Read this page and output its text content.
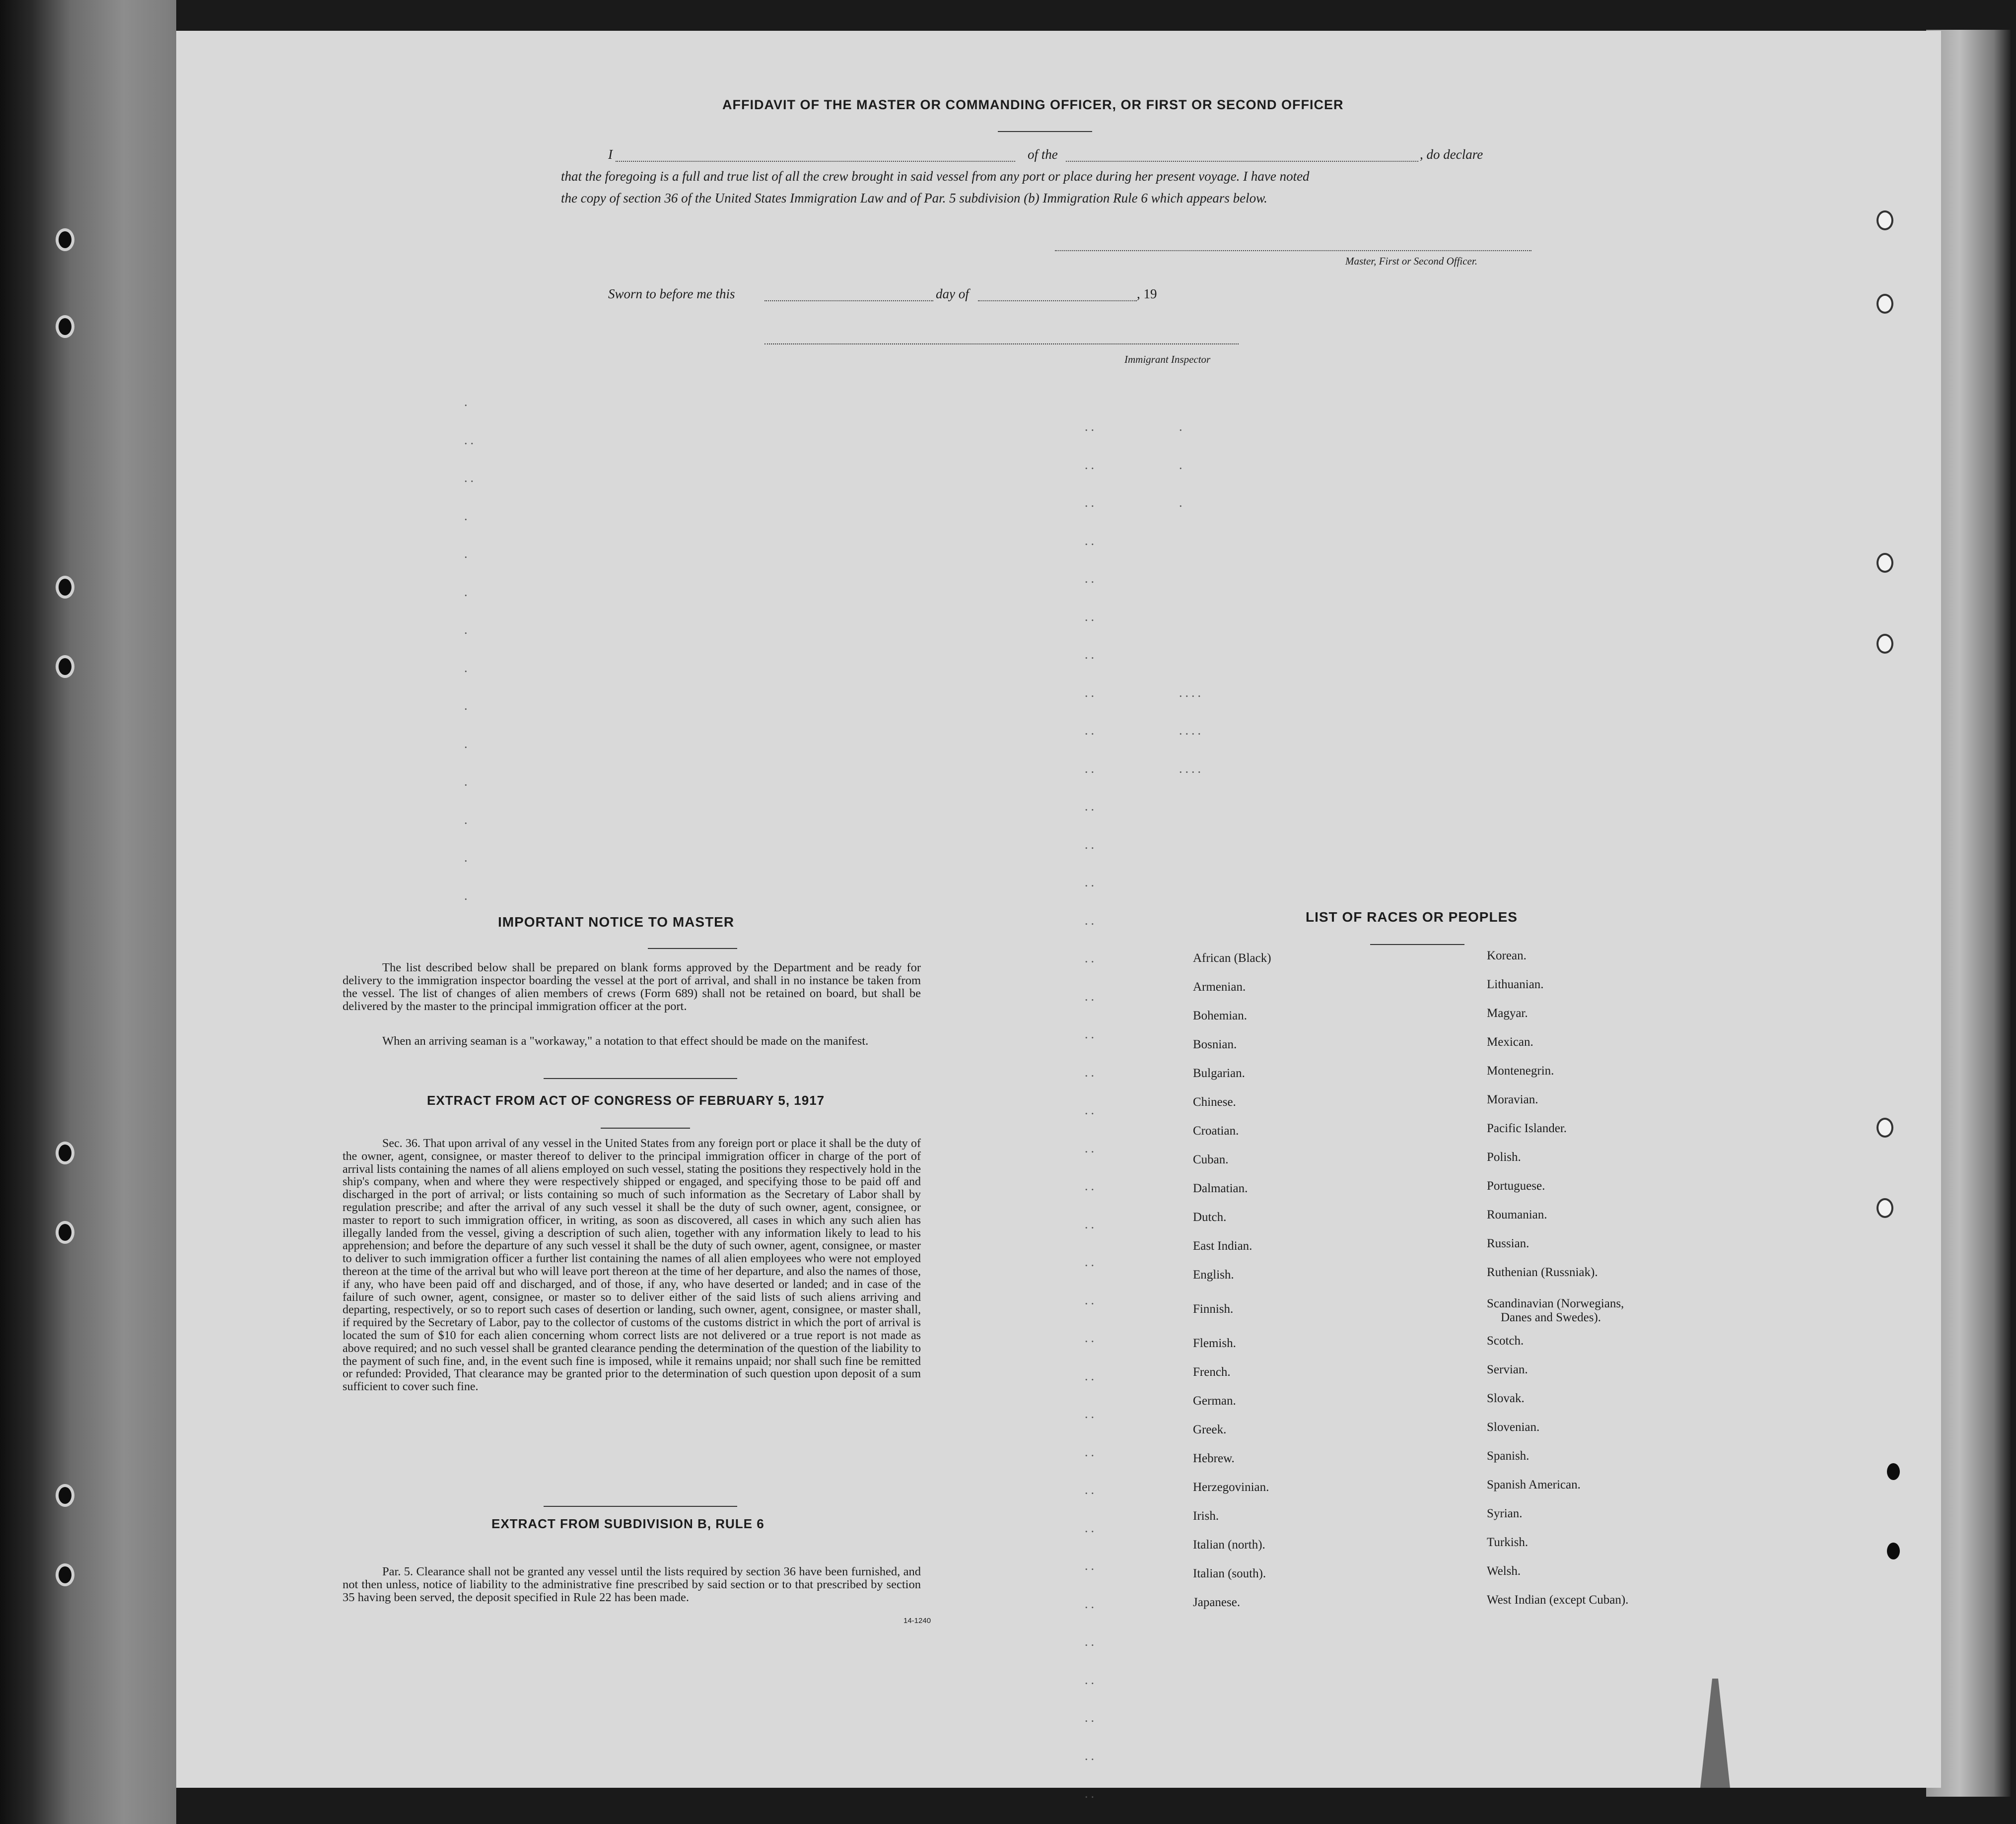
AFFIDAVIT OF THE MASTER OR COMMANDING OFFICER, OR FIRST OR SECOND OFFICER
I	of the	, do declare
that the foregoing is a full and true list of all the crew brought in said vessel from any port or place during her present voyage. I have noted
the copy of section 36 of the United States Immigration Law and of Par. 5 subdivision (b) Immigration Rule 6 which appears below.
Master, First or Second Officer.
Sworn to before me this	day of	, 19
Immigrant Inspector
.
..
..
.
.
.
.
.
.
.
.
.
.
.
..
..
..
..
..
..
..
..
..
..
..
..
..
..
..
..
..
..
..
..
..
..
..
..
..
..
..
..
..
..
..
..
..
..
..
..
..
.
.
.

....
....
....
IMPORTANT NOTICE TO MASTER
The list described below shall be prepared on blank forms approved by the Department and be ready for delivery to the immigration inspector boarding the vessel at the port of arrival, and shall in no instance be taken from the vessel. The list of changes of alien members of crews (Form 689) shall not be retained on board, but shall be delivered by the master to the principal immigration officer at the port.
When an arriving seaman is a "workaway," a notation to that effect should be made on the manifest.
EXTRACT FROM ACT OF CONGRESS OF FEBRUARY 5, 1917
Sec. 36. That upon arrival of any vessel in the United States from any foreign port or place it shall be the duty of the owner, agent, consignee, or master thereof to deliver to the principal immigration officer in charge of the port of arrival lists containing the names of all aliens employed on such vessel, stating the positions they respectively hold in the ship's company, when and where they were respectively shipped or engaged, and specifying those to be paid off and discharged in the port of arrival; or lists containing so much of such information as the Secretary of Labor shall by regulation prescribe; and after the arrival of any such vessel it shall be the duty of such owner, agent, consignee, or master to report to such immigration officer, in writing, as soon as discovered, all cases in which any such alien has illegally landed from the vessel, giving a description of such alien, together with any information likely to lead to his apprehension; and before the departure of any such vessel it shall be the duty of such owner, agent, consignee, or master to deliver to such immigration officer a further list containing the names of all alien employees who were not employed thereon at the time of the arrival but who will leave port thereon at the time of her departure, and also the names of those, if any, who have been paid off and discharged, and of those, if any, who have deserted or landed; and in case of the failure of such owner, agent, consignee, or master so to deliver either of the said lists of such aliens arriving and departing, respectively, or so to report such cases of desertion or landing, such owner, agent, consignee, or master shall, if required by the Secretary of Labor, pay to the collector of customs of the customs district in which the port of arrival is located the sum of $10 for each alien concerning whom correct lists are not delivered or a true report is not made as above required; and no such vessel shall be granted clearance pending the determination of the question of the liability to the payment of such fine, and, in the event such fine is imposed, while it remains unpaid; nor shall such fine be remitted or refunded: Provided, That clearance may be granted prior to the determination of such question upon deposit of a sum sufficient to cover such fine.
EXTRACT FROM SUBDIVISION B, RULE 6
Par. 5. Clearance shall not be granted any vessel until the lists required by section 36 have been furnished, and not then unless, notice of liability to the administrative fine prescribed by said section or to that prescribed by section 35 having been served, the deposit specified in Rule 22 has been made.
14-1240
LIST OF RACES OR PEOPLES
African (Black)
Armenian.
Bohemian.
Bosnian.
Bulgarian.
Chinese.
Croatian.
Cuban.
Dalmatian.
Dutch.
East Indian.
English.
Finnish.
Flemish.
French.
German.
Greek.
Hebrew.
Herzegovinian.
Irish.
Italian (north).
Italian (south).
Japanese.
Korean.
Lithuanian.
Magyar.
Mexican.
Montenegrin.
Moravian.
Pacific Islander.
Polish.
Portuguese.
Roumanian.
Russian.
Ruthenian (Russniak).
Scandinavian (Norwegians,
Danes and Swedes).
Scotch.
Servian.
Slovak.
Slovenian.
Spanish.
Spanish American.
Syrian.
Turkish.
Welsh.
West Indian (except Cuban).
